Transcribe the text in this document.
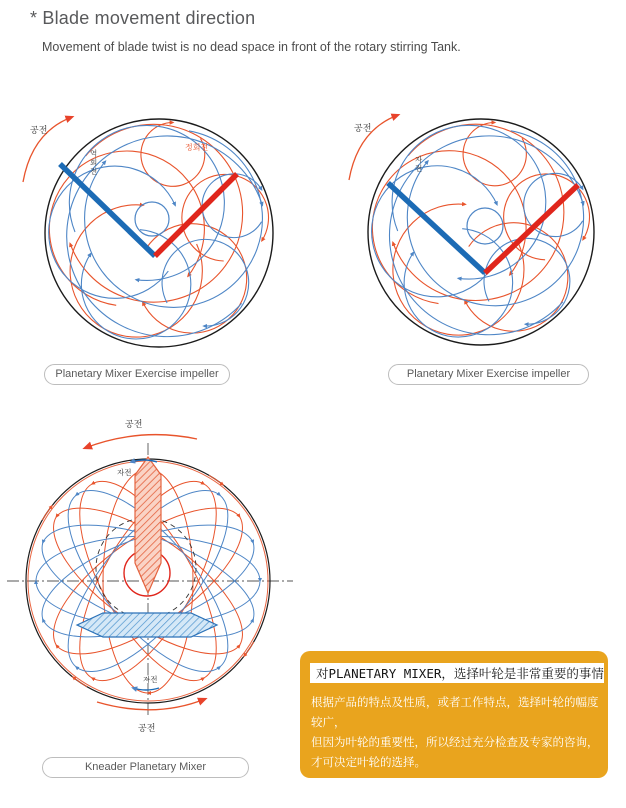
* Blade movement direction
Movement of blade twist is no dead space in front of the rotary stirring Tank.
공전
역 회 전
정회전
공전
자 전
Planetary Mixer Exercise impeller	Planetary Mixer Exercise impeller
공전
자전
자전
공전
Kneader Planetary Mixer
对PLANETARY MIXER，选择叶轮是非常重要的事情
根据产品的特点及性质，或者工作特点，选择叶轮的幅度较广，
但因为叶轮的重要性，所以经过充分检查及专家的咨询，
才可决定叶轮的选择。
